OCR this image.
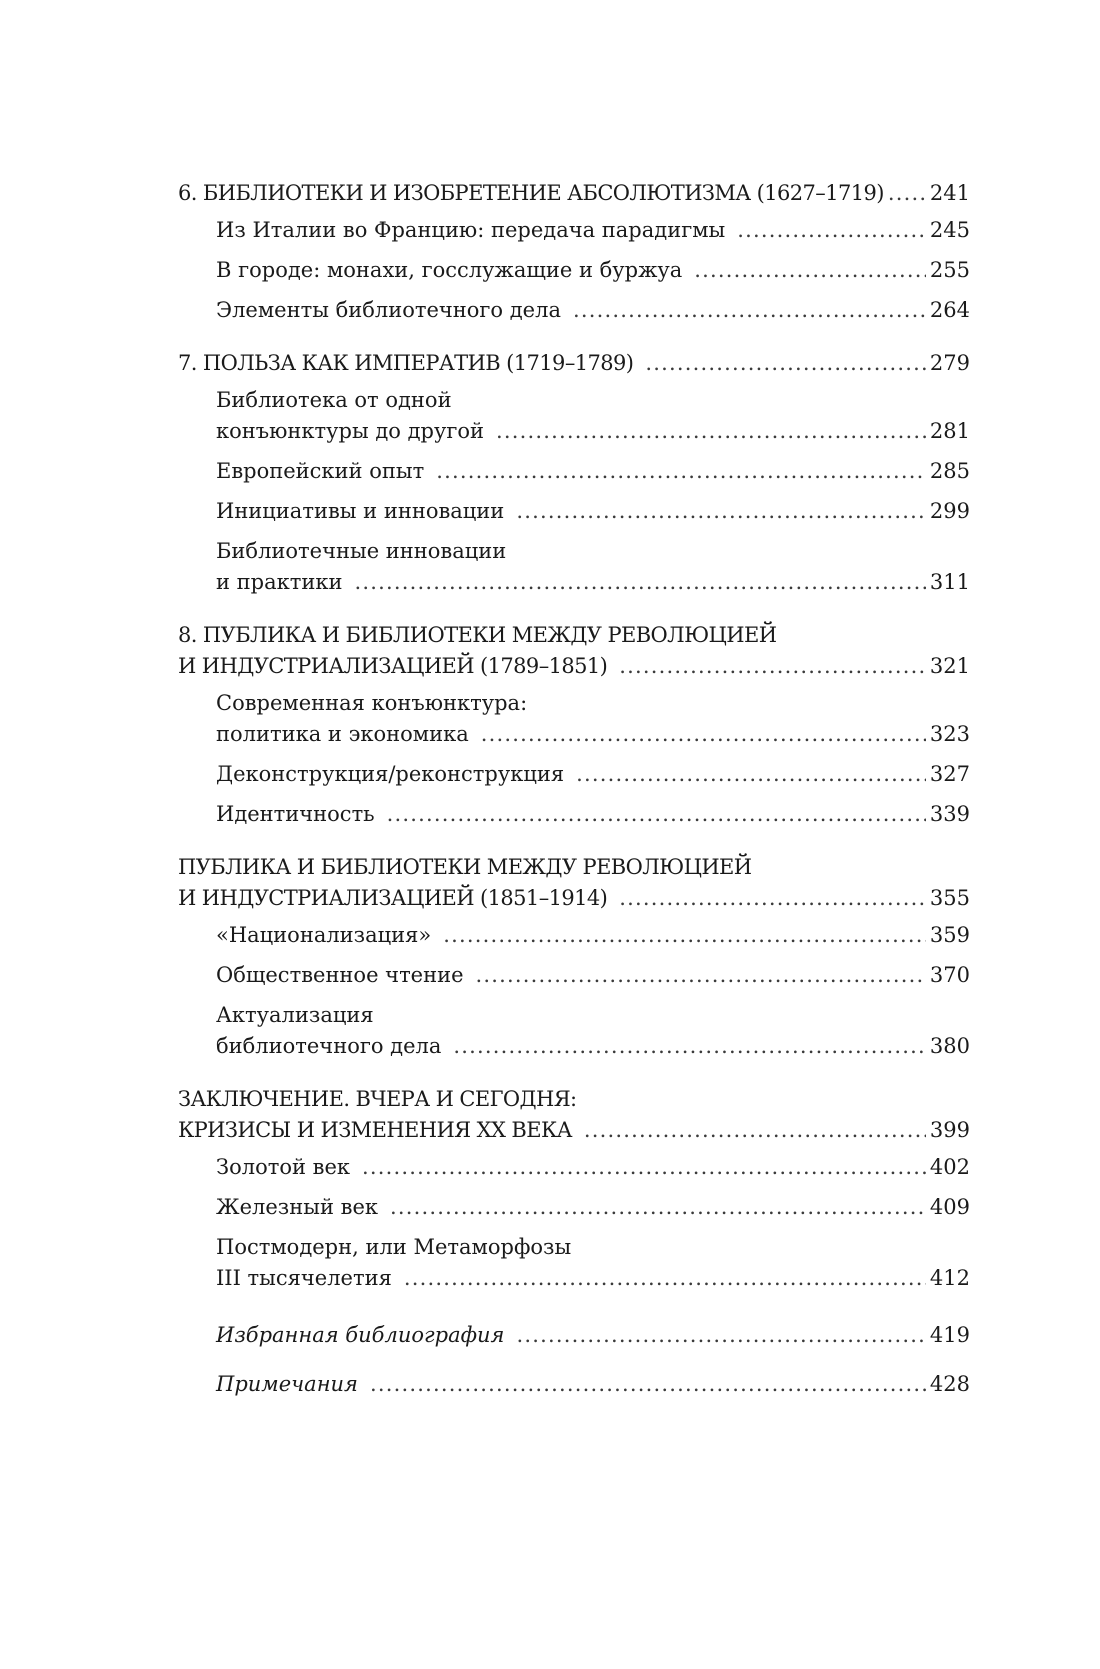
6. БИБЛИОТЕКИ И ИЗОБРЕТЕНИЕ АБСОЛЮТИЗМА (1627–1719) ..... 241
Из Италии во Францию: передача парадигмы .....	245
В городе: монахи, госслужащие и буржуа .....	255
Элементы библиотечного дела .....	264
7. ПОЛЬЗА КАК ИМПЕРАТИВ (1719–1789) .....	279
Библиотека от одной
конъюнктуры до другой .....	281
Европейский опыт .....	285
Инициативы и инновации .....	299
Библиотечные инновации
и практики .....	311
8. ПУБЛИКА И БИБЛИОТЕКИ МЕЖДУ РЕВОЛЮЦИЕЙ
И ИНДУСТРИАЛИЗАЦИЕЙ (1789–1851) .....	321
Современная конъюнктура:
политика и экономика .....	323
Деконструкция/реконструкция .....	327
Идентичность .....	339
ПУБЛИКА И БИБЛИОТЕКИ МЕЖДУ РЕВОЛЮЦИЕЙ
И ИНДУСТРИАЛИЗАЦИЕЙ (1851–1914) .....	355
«Национализация» .....	359
Общественное чтение .....	370
Актуализация
библиотечного дела .....	380
ЗАКЛЮЧЕНИЕ. ВЧЕРА И СЕГОДНЯ:
КРИЗИСЫ И ИЗМЕНЕНИЯ XX ВЕКА .....	399
Золотой век .....	402
Железный век .....	409
Постмодерн, или Метаморфозы
III тысячелетия .....	412
Избранная библиография .....	419
Примечания .....	428
